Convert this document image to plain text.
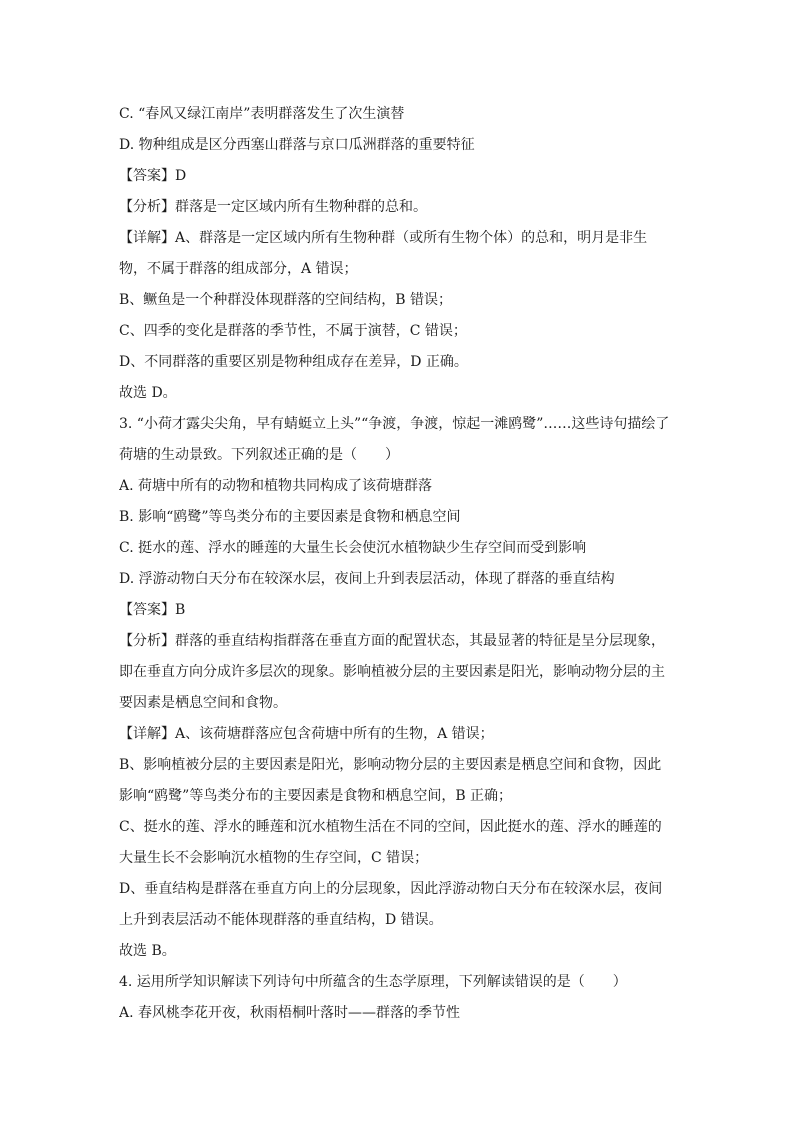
C. “春风又绿江南岸”表明群落发生了次生演替
D. 物种组成是区分西塞山群落与京口瓜洲群落的重要特征
【答案】D
【分析】群落是一定区域内所有生物种群的总和。
【详解】A、群落是一定区域内所有生物种群（或所有生物个体）的总和，明月是非生
物，不属于群落的组成部分，A 错误；
B、鳜鱼是一个种群没体现群落的空间结构，B 错误；
C、四季的变化是群落的季节性，不属于演替，C 错误；
D、不同群落的重要区别是物种组成存在差异，D 正确。
故选 D。
3. “小荷才露尖尖角，早有蜻蜓立上头”“争渡，争渡，惊起一滩鸥鹭”……这些诗句描绘了
荷塘的生动景致。下列叙述正确的是（　　）
A. 荷塘中所有的动物和植物共同构成了该荷塘群落
B. 影响“鸥鹭”等鸟类分布的主要因素是食物和栖息空间
C. 挺水的莲、浮水的睡莲的大量生长会使沉水植物缺少生存空间而受到影响
D. 浮游动物白天分布在较深水层，夜间上升到表层活动，体现了群落的垂直结构
【答案】B
【分析】群落的垂直结构指群落在垂直方面的配置状态，其最显著的特征是呈分层现象，
即在垂直方向分成许多层次的现象。影响植被分层的主要因素是阳光，影响动物分层的主
要因素是栖息空间和食物。
【详解】A、该荷塘群落应包含荷塘中所有的生物，A 错误；
B、影响植被分层的主要因素是阳光，影响动物分层的主要因素是栖息空间和食物，因此
影响“鸥鹭”等鸟类分布的主要因素是食物和栖息空间，B 正确；
C、挺水的莲、浮水的睡莲和沉水植物生活在不同的空间，因此挺水的莲、浮水的睡莲的
大量生长不会影响沉水植物的生存空间，C 错误；
D、垂直结构是群落在垂直方向上的分层现象，因此浮游动物白天分布在较深水层，夜间
上升到表层活动不能体现群落的垂直结构，D 错误。
故选 B。
4. 运用所学知识解读下列诗句中所蕴含的生态学原理，下列解读错误的是（　　）
A. 春风桃李花开夜，秋雨梧桐叶落时——群落的季节性
